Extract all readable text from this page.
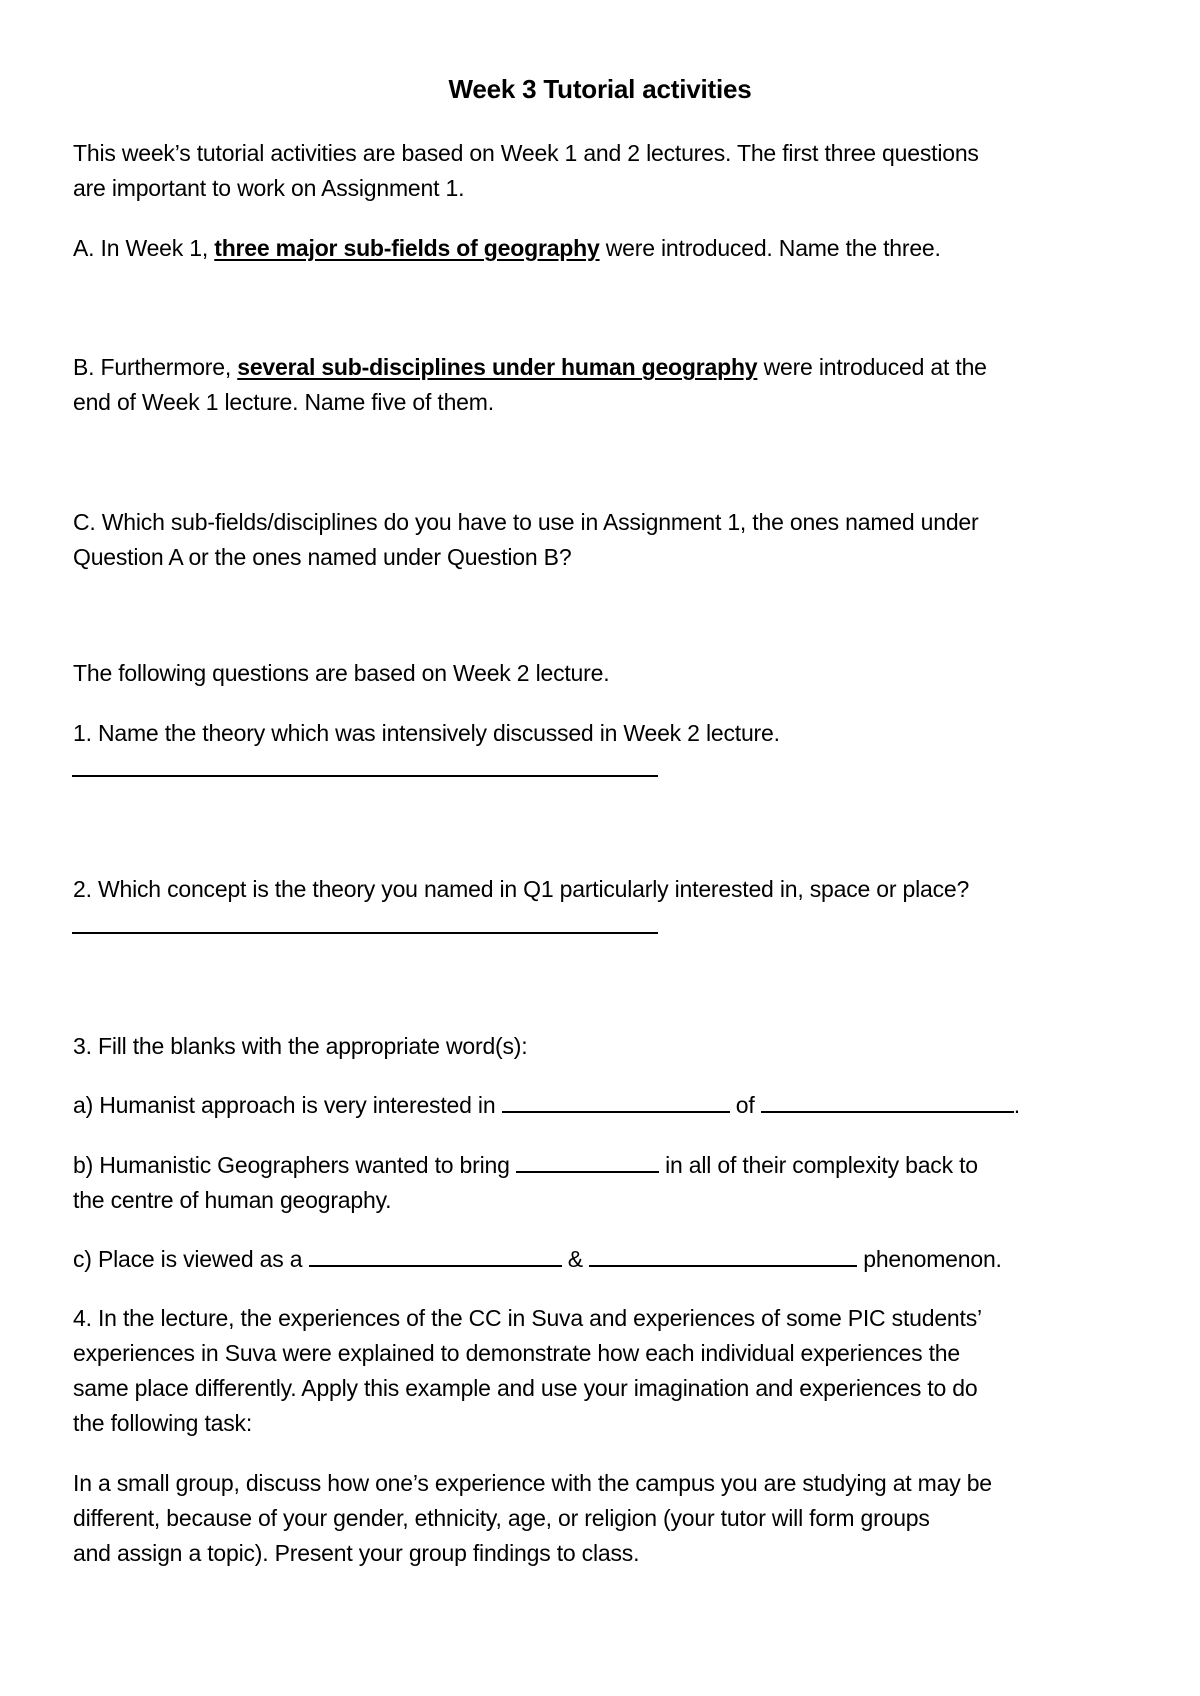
Week 3 Tutorial activities
This week’s tutorial activities are based on Week 1 and 2 lectures. The first three questions
are important to work on Assignment 1.
A. In Week 1, three major sub-fields of geography were introduced. Name the three.
B. Furthermore, several sub-disciplines under human geography were introduced at the
end of Week 1 lecture. Name five of them.
C. Which sub-fields/disciplines do you have to use in Assignment 1, the ones named under
Question A or the ones named under Question B?
The following questions are based on Week 2 lecture.
1. Name the theory which was intensively discussed in Week 2 lecture.
2. Which concept is the theory you named in Q1 particularly interested in, space or place?
3. Fill the blanks with the appropriate word(s):
a) Humanist approach is very interested in	of	.
b) Humanistic Geographers wanted to bring	in all of their complexity back to
the centre of human geography.
c) Place is viewed as a	&	phenomenon.
4. In the lecture, the experiences of the CC in Suva and experiences of some PIC students’
experiences in Suva were explained to demonstrate how each individual experiences the
same place differently. Apply this example and use your imagination and experiences to do
the following task:
In a small group, discuss how one’s experience with the campus you are studying at may be
different, because of your gender, ethnicity, age, or religion (your tutor will form groups
and assign a topic). Present your group findings to class.
